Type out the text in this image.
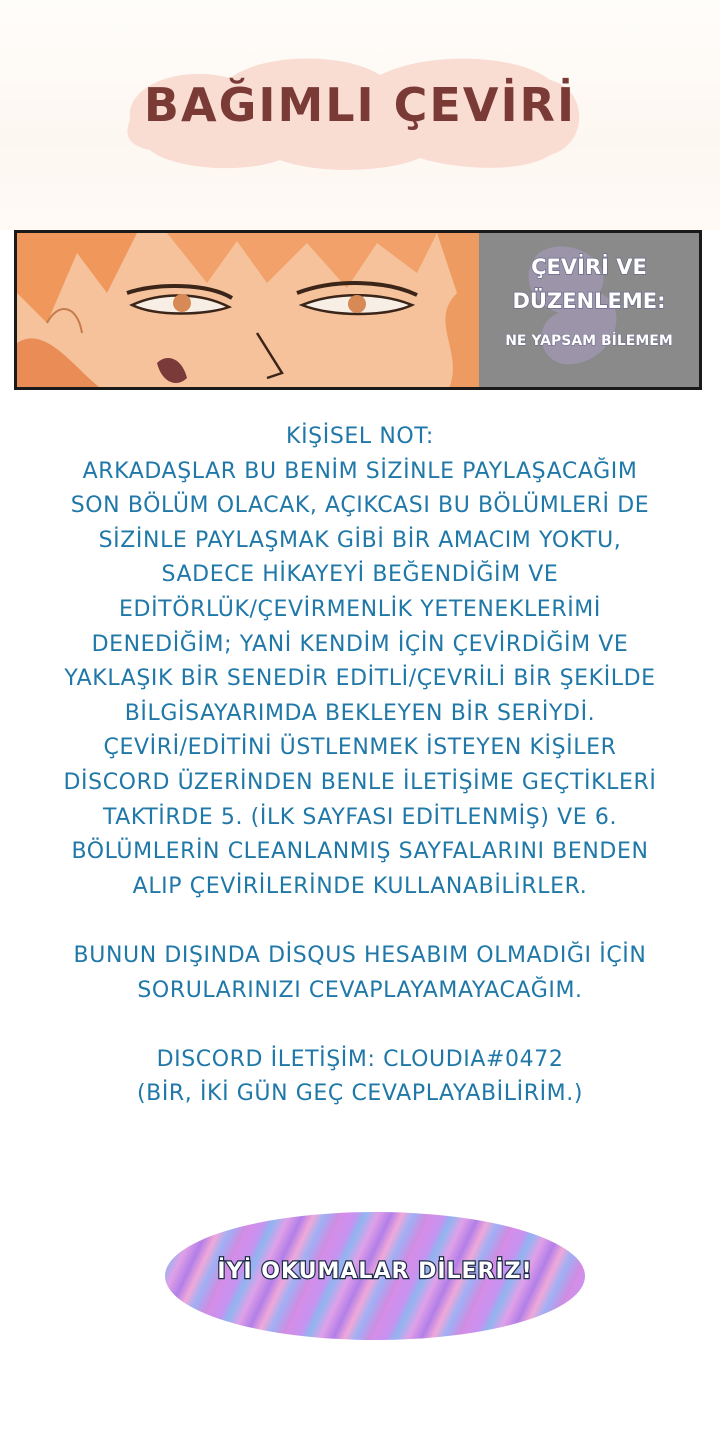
BAĞIMLI ÇEVİRİ
ÇEVİRİ VE
DÜZENLEME:
NE YAPSAM BİLEMEM

KİŞİSEL NOT:

ARKADAŞLAR BU BENİM SİZİNLE PAYLAŞACAĞIM

SON BÖLÜM OLACAK, AÇIKCASI BU BÖLÜMLERİ DE

SİZİNLE PAYLAŞMAK GİBİ BİR AMACIM YOKTU,

SADECE HİKAYEYİ BEĞENDİĞİM VE

EDİTÖRLÜK/ÇEVİRMENLİK YETENEKLERİMİ

DENEDİĞİM; YANİ KENDİM İÇİN ÇEVİRDİĞİM VE

YAKLAŞIK BİR SENEDİR EDİTLİ/ÇEVRİLİ BİR ŞEKİLDE

BİLGİSAYARIMDA BEKLEYEN BİR SERİYDİ.

ÇEVİRİ/EDİTİNİ ÜSTLENMEK İSTEYEN KİŞİLER

DİSCORD ÜZERİNDEN BENLE İLETİŞİME GEÇTİKLERİ

TAKTİRDE 5. (İLK SAYFASI EDİTLENMİŞ) VE 6.

BÖLÜMLERİN CLEANLANMIŞ SAYFALARINI BENDEN

ALIP ÇEVİRİLERİNDE KULLANABİLİRLER.

BUNUN DIŞINDA DİSQUS HESABIM OLMADIĞI İÇİN

SORULARINIZI CEVAPLAYAMAYACAĞIM.

DISCORD İLETİŞİM: CLOUDIA#0472

(BİR, İKİ GÜN GEÇ CEVAPLAYABİLİRİM.)

İYİ OKUMALAR DİLERİZ!
